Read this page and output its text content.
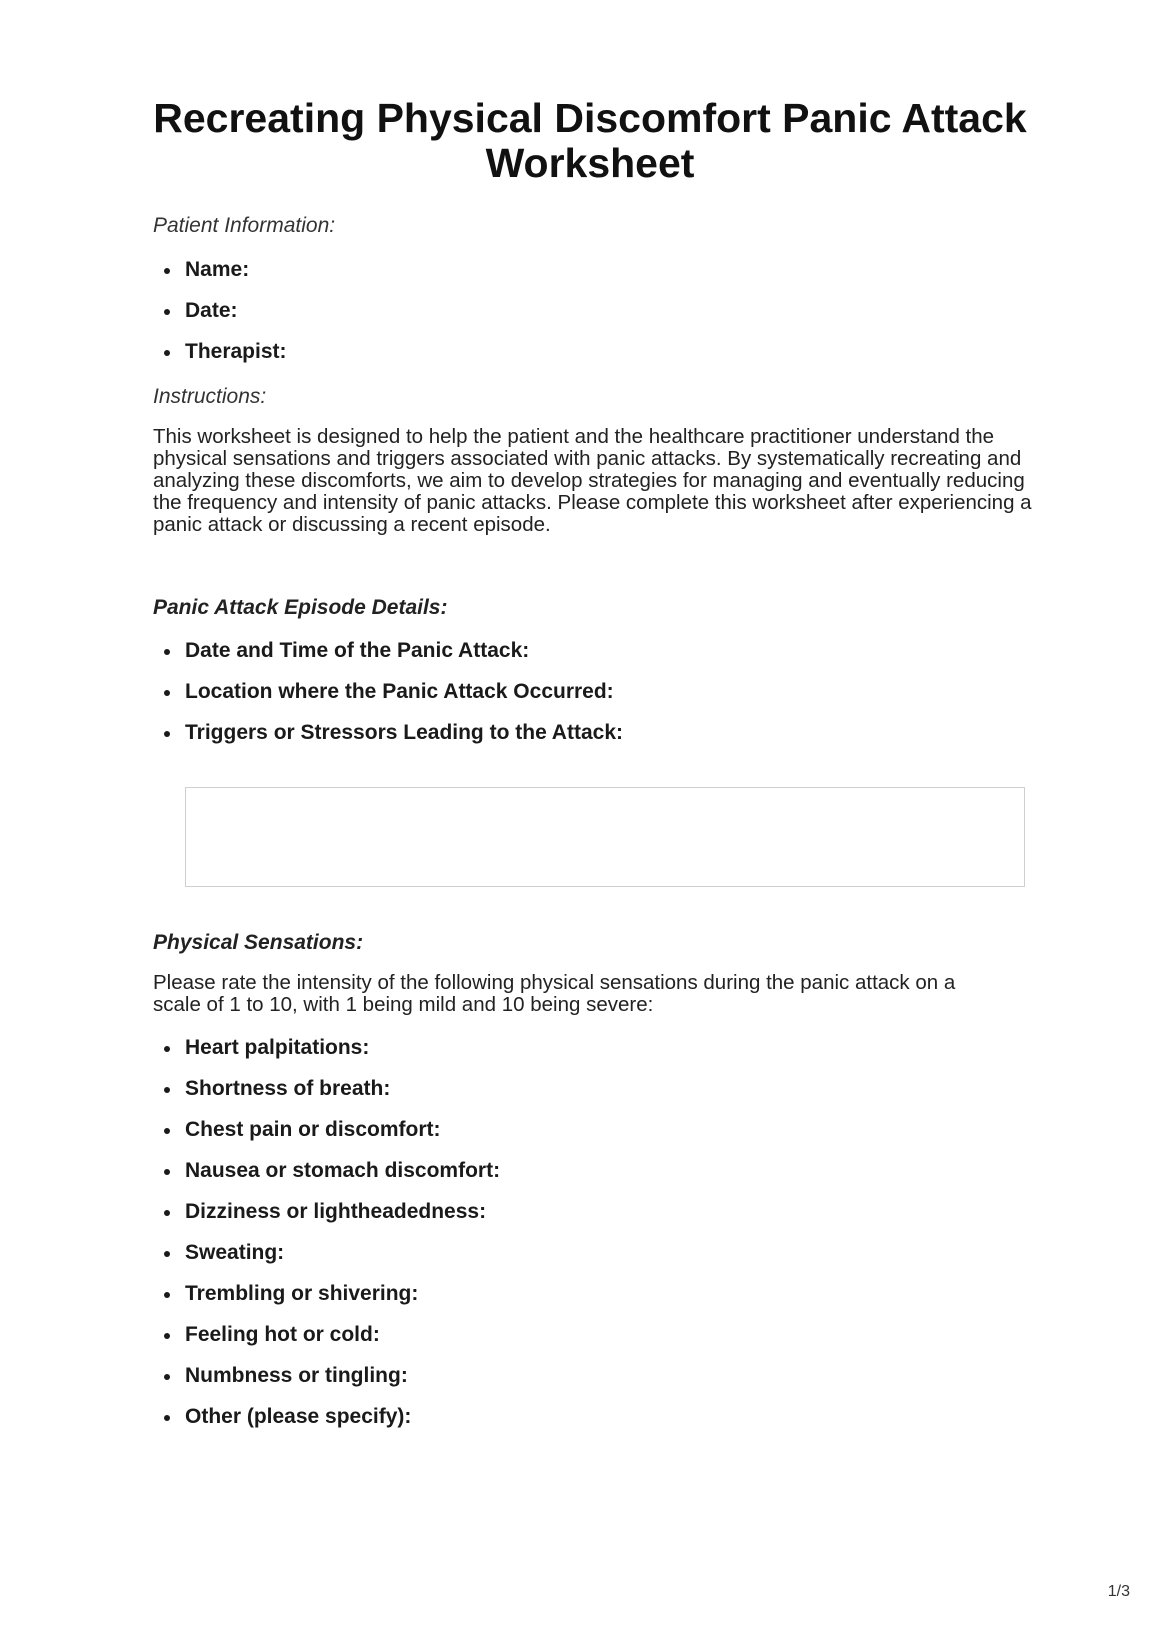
Recreating Physical Discomfort Panic Attack Worksheet

Patient Information:

Name:
Date:
Therapist:

Instructions:

This worksheet is designed to help the patient and the healthcare practitioner understand the physical sensations and triggers associated with panic attacks. By systematically recreating and analyzing these discomforts, we aim to develop strategies for managing and eventually reducing the frequency and intensity of panic attacks. Please complete this worksheet after experiencing a panic attack or discussing a recent episode.

Panic Attack Episode Details:

Date and Time of the Panic Attack:
Location where the Panic Attack Occurred:
Triggers or Stressors Leading to the Attack:

Physical Sensations:

Please rate the intensity of the following physical sensations during the panic attack on a scale of 1 to 10, with 1 being mild and 10 being severe:

Heart palpitations:
Shortness of breath:
Chest pain or discomfort:
Nausea or stomach discomfort:
Dizziness or lightheadedness:
Sweating:
Trembling or shivering:
Feeling hot or cold:
Numbness or tingling:
Other (please specify):
1/3
